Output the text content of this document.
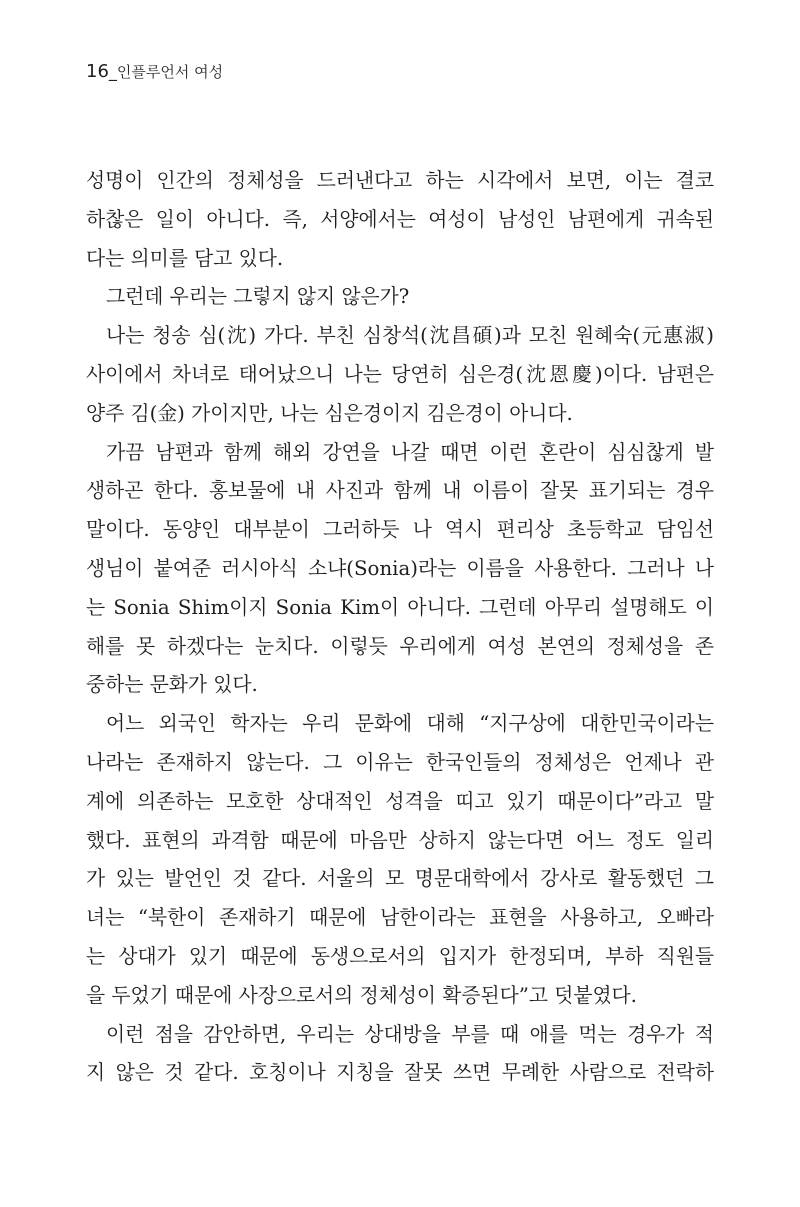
16_인플루언서 여성
성명이 인간의 정체성을 드러낸다고 하는 시각에서 보면, 이는 결코
하찮은 일이 아니다. 즉, 서양에서는 여성이 남성인 남편에게 귀속된
다는 의미를 담고 있다.
그런데 우리는 그렇지 않지 않은가?
나는 청송 심(沈) 가다. 부친 심창석(沈昌碩)과 모친 원혜숙(元惠淑)
사이에서 차녀로 태어났으니 나는 당연히 심은경(沈恩慶)이다. 남편은
양주 김(金) 가이지만, 나는 심은경이지 김은경이 아니다.
가끔 남편과 함께 해외 강연을 나갈 때면 이런 혼란이 심심찮게 발
생하곤 한다. 홍보물에 내 사진과 함께 내 이름이 잘못 표기되는 경우
말이다. 동양인 대부분이 그러하듯 나 역시 편리상 초등학교 담임선
생님이 붙여준 러시아식 소냐(Sonia)라는 이름을 사용한다. 그러나 나
는 Sonia Shim이지 Sonia Kim이 아니다. 그런데 아무리 설명해도 이
해를 못 하겠다는 눈치다. 이렇듯 우리에게 여성 본연의 정체성을 존
중하는 문화가 있다.
어느 외국인 학자는 우리 문화에 대해 “지구상에 대한민국이라는
나라는 존재하지 않는다. 그 이유는 한국인들의 정체성은 언제나 관
계에 의존하는 모호한 상대적인 성격을 띠고 있기 때문이다”라고 말
했다. 표현의 과격함 때문에 마음만 상하지 않는다면 어느 정도 일리
가 있는 발언인 것 같다. 서울의 모 명문대학에서 강사로 활동했던 그
녀는 “북한이 존재하기 때문에 남한이라는 표현을 사용하고, 오빠라
는 상대가 있기 때문에 동생으로서의 입지가 한정되며, 부하 직원들
을 두었기 때문에 사장으로서의 정체성이 확증된다”고 덧붙였다.
이런 점을 감안하면, 우리는 상대방을 부를 때 애를 먹는 경우가 적
지 않은 것 같다. 호칭이나 지칭을 잘못 쓰면 무례한 사람으로 전락하
